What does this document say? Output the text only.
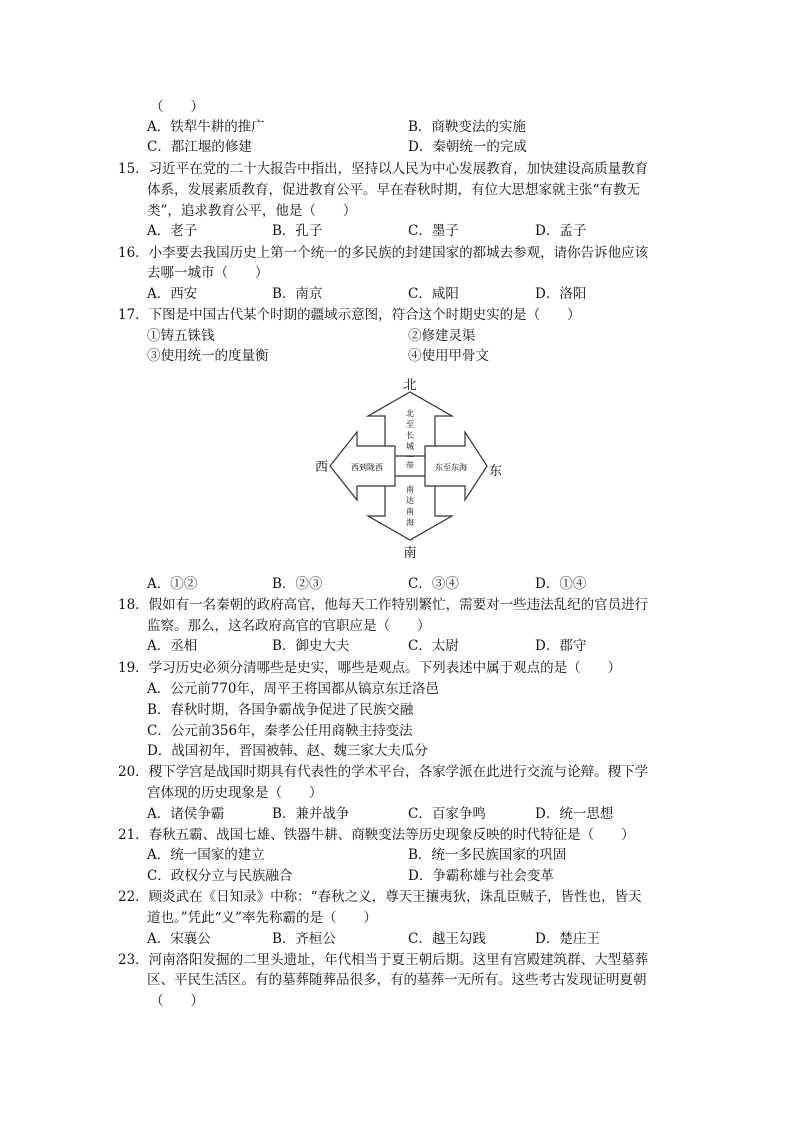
（　　）
A．铁犁牛耕的推广	B．商鞅变法的实施
C．都江堰的修建	D．秦朝统一的完成
15．习近平在党的二十大报告中指出，坚持以人民为中心发展教育，加快建设高质量教育
体系，发展素质教育，促进教育公平。早在春秋时期，有位大思想家就主张“有教无
类”，追求教育公平，他是（　　）
A．老子	B．孔子	C．墨子	D．孟子
16．小李要去我国历史上第一个统一的多民族的封建国家的都城去参观，请你告诉他应该
去哪一城市（　　）
A．西安	B．南京	C．咸阳	D．洛阳
17．下图是中国古代某个时期的疆域示意图，符合这个时期史实的是（　　）
①铸五铢钱	②修建灵渠
③使用统一的度量衡	④使用甲骨文
北
南
西	东
北
至
长
城
一
带
南
达
南
海
西到陇西	东至东海
A．①②	B．②③	C．③④	D．①④
18．假如有一名秦朝的政府高官，他每天工作特别繁忙，需要对一些违法乱纪的官员进行
监察。那么，这名政府高官的官职应是（　　）
A．丞相	B．御史大夫	C．太尉	D．郡守
19．学习历史必须分清哪些是史实，哪些是观点。下列表述中属于观点的是（　　）
A．公元前770年，周平王将国都从镐京东迁洛邑
B．春秋时期，各国争霸战争促进了民族交融
C．公元前356年，秦孝公任用商鞅主持变法
D．战国初年，晋国被韩、赵、魏三家大夫瓜分
20．稷下学宫是战国时期具有代表性的学术平台，各家学派在此进行交流与论辩。稷下学
宫体现的历史现象是（　　）
A．诸侯争霸	B．兼并战争	C．百家争鸣	D．统一思想
21．春秋五霸、战国七雄、铁器牛耕、商鞅变法等历史现象反映的时代特征是（　　）
A．统一国家的建立	B．统一多民族国家的巩固
C．政权分立与民族融合	D．争霸称雄与社会变革
22．顾炎武在《日知录》中称：“春秋之义，尊天王攘夷狄，诛乱臣贼子，皆性也，皆天
道也。”凭此“义”率先称霸的是（　　）
A．宋襄公	B．齐桓公	C．越王勾践	D．楚庄王
23．河南洛阳发掘的二里头遗址，年代相当于夏王朝后期。这里有宫殿建筑群、大型墓葬
区、平民生活区。有的墓葬随葬品很多，有的墓葬一无所有。这些考古发现证明夏朝
（　　）
